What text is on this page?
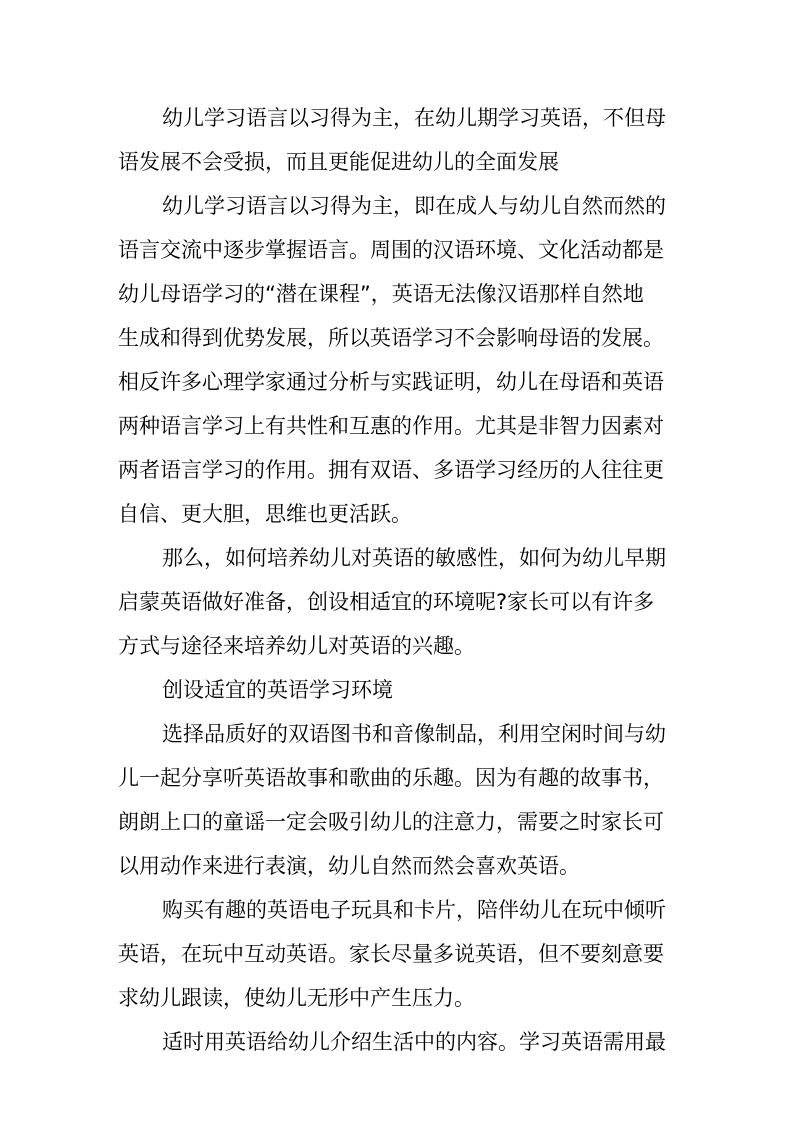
幼儿学习语言以习得为主，在幼儿期学习英语，不但母
语发展不会受损，而且更能促进幼儿的全面发展
幼儿学习语言以习得为主，即在成人与幼儿自然而然的
语言交流中逐步掌握语言。周围的汉语环境、文化活动都是
幼儿母语学习的“潜在课程”，英语无法像汉语那样自然地
生成和得到优势发展，所以英语学习不会影响母语的发展。
相反许多心理学家通过分析与实践证明，幼儿在母语和英语
两种语言学习上有共性和互惠的作用。尤其是非智力因素对
两者语言学习的作用。拥有双语、多语学习经历的人往往更
自信、更大胆，思维也更活跃。
那么，如何培养幼儿对英语的敏感性，如何为幼儿早期
启蒙英语做好准备，创设相适宜的环境呢?家长可以有许多
方式与途径来培养幼儿对英语的兴趣。
创设适宜的英语学习环境
选择品质好的双语图书和音像制品，利用空闲时间与幼
儿一起分享听英语故事和歌曲的乐趣。因为有趣的故事书，
朗朗上口的童谣一定会吸引幼儿的注意力，需要之时家长可
以用动作来进行表演，幼儿自然而然会喜欢英语。
购买有趣的英语电子玩具和卡片，陪伴幼儿在玩中倾听
英语，在玩中互动英语。家长尽量多说英语，但不要刻意要
求幼儿跟读，使幼儿无形中产生压力。
适时用英语给幼儿介绍生活中的内容。学习英语需用最
